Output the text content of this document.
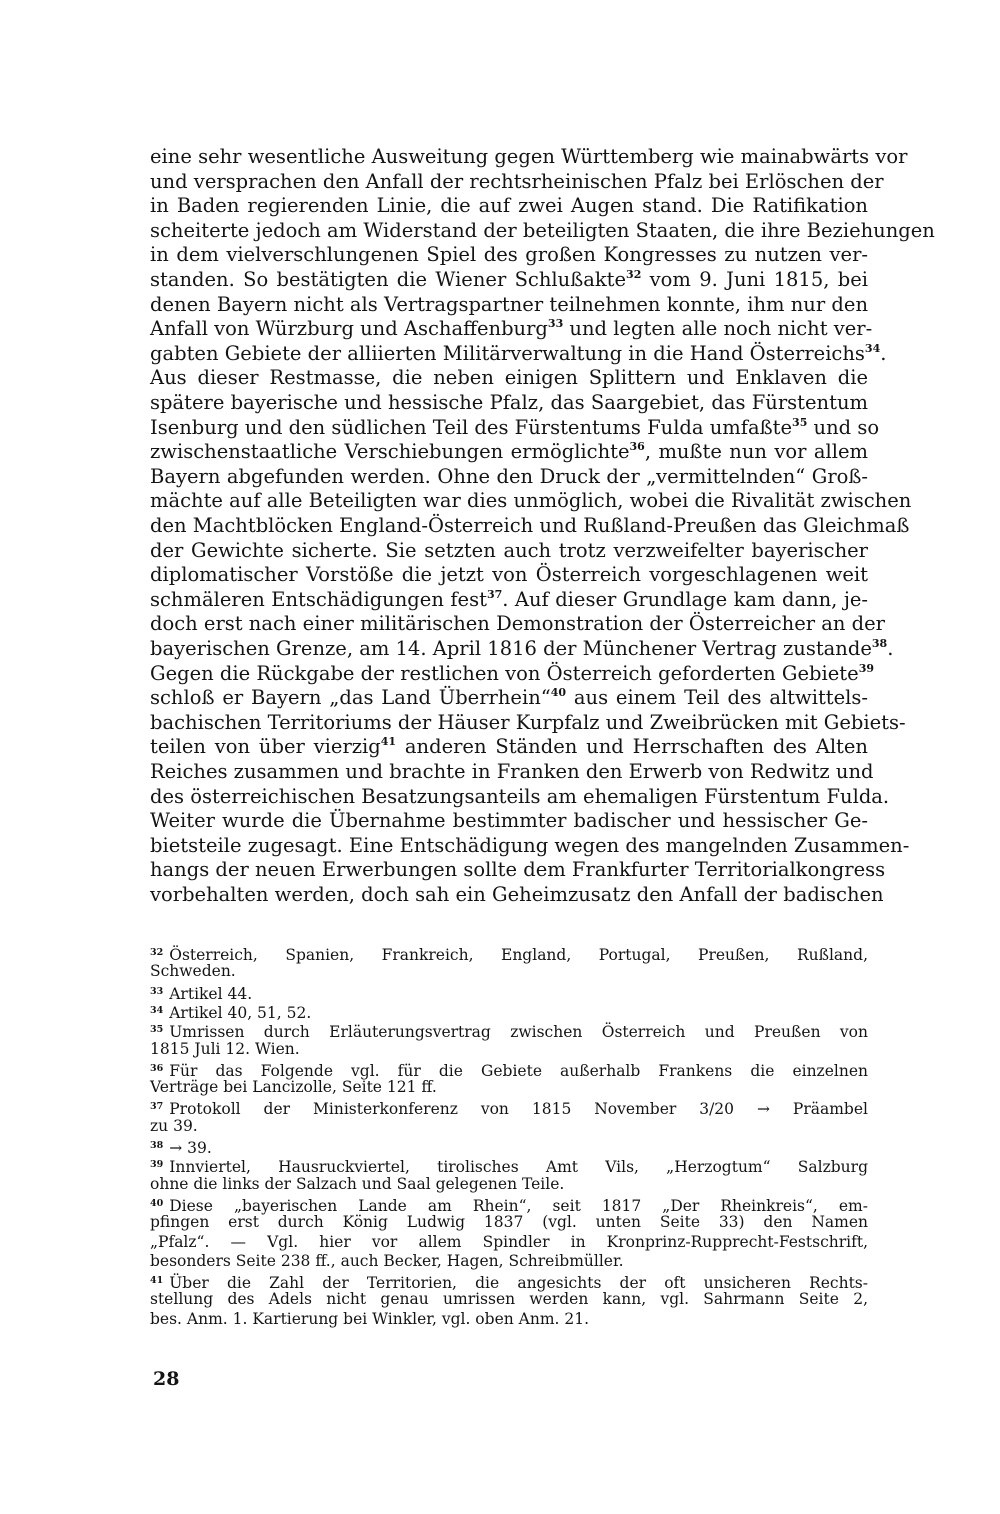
eine sehr wesentliche Ausweitung gegen Württemberg wie mainabwärts vor
und versprachen den Anfall der rechtsrheinischen Pfalz bei Erlöschen der
in Baden regierenden Linie, die auf zwei Augen stand. Die Ratifikation
scheiterte jedoch am Widerstand der beteiligten Staaten, die ihre Beziehungen
in dem vielverschlungenen Spiel des großen Kongresses zu nutzen ver-
standen. So bestätigten die Wiener Schlußakte$^{32}$ vom 9. Juni 1815, bei
denen Bayern nicht als Vertragspartner teilnehmen konnte, ihm nur den
Anfall von Würzburg und Aschaffenburg$^{33}$ und legten alle noch nicht ver-
gabten Gebiete der alliierten Militärverwaltung in die Hand Österreichs$^{34}$.
Aus dieser Restmasse, die neben einigen Splittern und Enklaven die
spätere bayerische und hessische Pfalz, das Saargebiet, das Fürstentum
Isenburg und den südlichen Teil des Fürstentums Fulda umfaßte$^{35}$ und so
zwischenstaatliche Verschiebungen ermöglichte$^{36}$, mußte nun vor allem
Bayern abgefunden werden. Ohne den Druck der „vermittelnden“ Groß-
mächte auf alle Beteiligten war dies unmöglich, wobei die Rivalität zwischen
den Machtblöcken England-Österreich und Rußland-Preußen das Gleichmaß
der Gewichte sicherte. Sie setzten auch trotz verzweifelter bayerischer
diplomatischer Vorstöße die jetzt von Österreich vorgeschlagenen weit
schmäleren Entschädigungen fest$^{37}$. Auf dieser Grundlage kam dann, je-
doch erst nach einer militärischen Demonstration der Österreicher an der
bayerischen Grenze, am 14. April 1816 der Münchener Vertrag zustande$^{38}$.
Gegen die Rückgabe der restlichen von Österreich geforderten Gebiete$^{39}$
schloß er Bayern „das Land Überrhein“$^{40}$ aus einem Teil des altwittels-
bachischen Territoriums der Häuser Kurpfalz und Zweibrücken mit Gebiets-
teilen von über vierzig$^{41}$ anderen Ständen und Herrschaften des Alten
Reiches zusammen und brachte in Franken den Erwerb von Redwitz und
des österreichischen Besatzungsanteils am ehemaligen Fürstentum Fulda.
Weiter wurde die Übernahme bestimmter badischer und hessischer Ge-
bietsteile zugesagt. Eine Entschädigung wegen des mangelnden Zusammen-
hangs der neuen Erwerbungen sollte dem Frankfurter Territorialkongress
vorbehalten werden, doch sah ein Geheimzusatz den Anfall der badischen
$^{32}$ Österreich, Spanien, Frankreich, England, Portugal, Preußen, Rußland,
Schweden.
$^{33}$ Artikel 44.
$^{34}$ Artikel 40, 51, 52.
$^{35}$ Umrissen durch Erläuterungsvertrag zwischen Österreich und Preußen von
1815 Juli 12. Wien.
$^{36}$ Für das Folgende vgl. für die Gebiete außerhalb Frankens die einzelnen
Verträge bei Lancizolle, Seite 121 ff.
$^{37}$ Protokoll der Ministerkonferenz von 1815 November 3/20 → Präambel
zu 39.
$^{38}$ → 39.
$^{39}$ Innviertel, Hausruckviertel, tirolisches Amt Vils, „Herzogtum“ Salzburg
ohne die links der Salzach und Saal gelegenen Teile.
$^{40}$ Diese „bayerischen Lande am Rhein“, seit 1817 „Der Rheinkreis“, em-
pfingen erst durch König Ludwig 1837 (vgl. unten Seite 33) den Namen
„Pfalz“. — Vgl. hier vor allem Spindler in Kronprinz-Rupprecht-Festschrift,
besonders Seite 238 ff., auch Becker, Hagen, Schreibmüller.
$^{41}$ Über die Zahl der Territorien, die angesichts der oft unsicheren Rechts-
stellung des Adels nicht genau umrissen werden kann, vgl. Sahrmann Seite 2,
bes. Anm. 1. Kartierung bei Winkler, vgl. oben Anm. 21.
28
